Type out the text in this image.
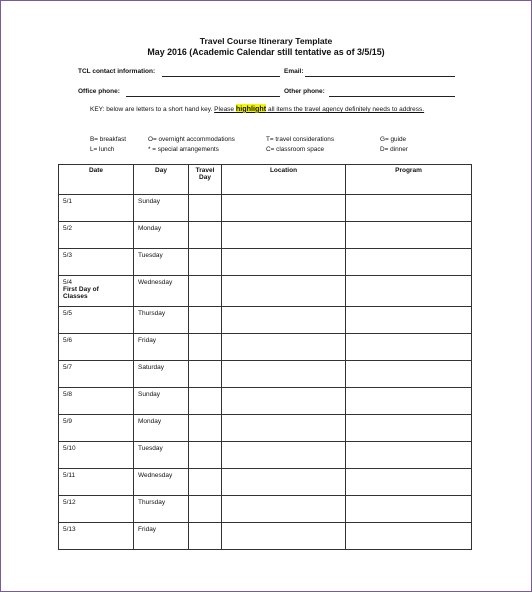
Travel Course Itinerary Template
May 2016 (Academic Calendar still tentative as of 3/5/15)
TCL contact information:	Email:
Office phone:	Other phone:
KEY: below are letters to a short hand key. Please highlight all items the travel agency definitely needs to address.
B= breakfast	O= overnight accommodations	T= travel considerations	G= guide
L= lunch	* = special arrangements	C= classroom space	D= dinner
Date	Day	Travel Day	Location	Program

5/1	Sunday			

5/2	Monday			

5/3	Tuesday			

5/4
First Day of Classes	Wednesday			

5/5	Thursday			

5/6	Friday			

5/7	Saturday			

5/8	Sunday			

5/9	Monday			

5/10	Tuesday			

5/11	Wednesday			

5/12	Thursday			

5/13	Friday			
